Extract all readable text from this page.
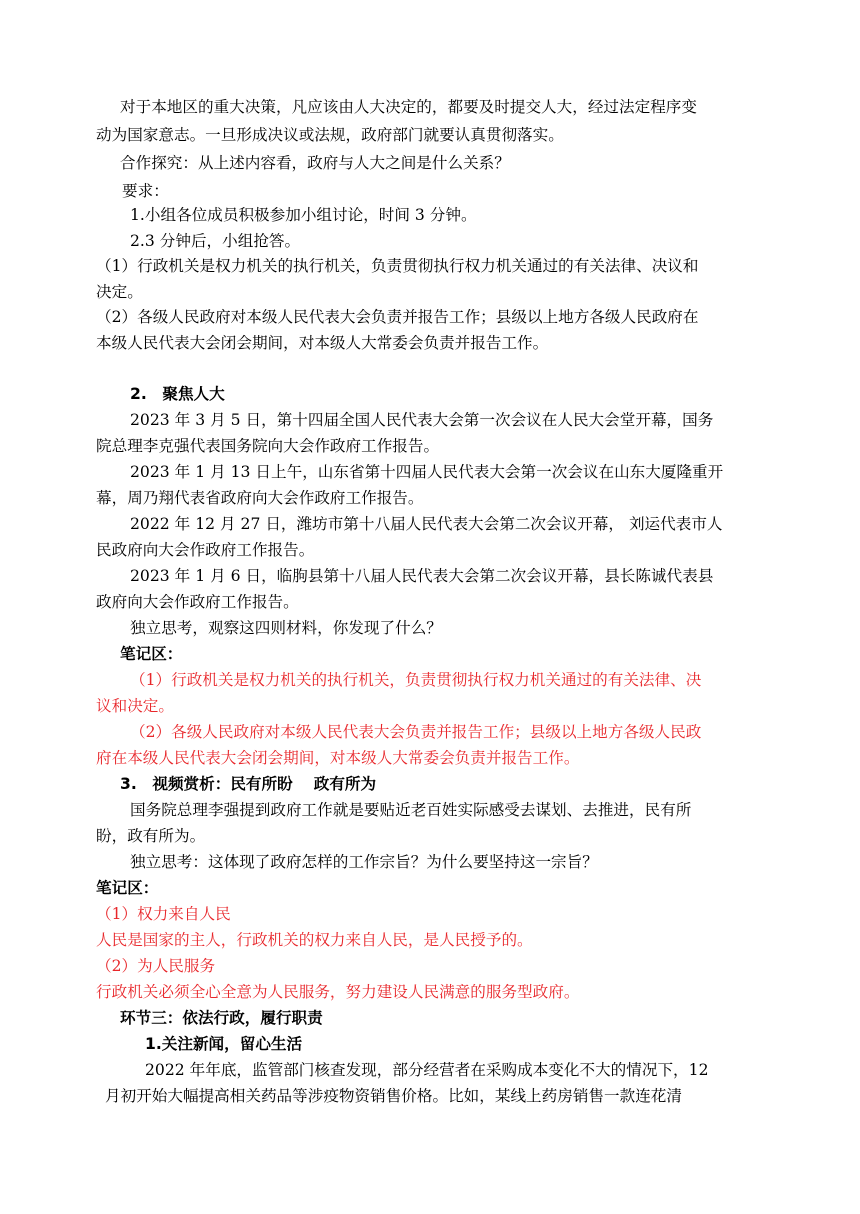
对于本地区的重大决策，凡应该由人大决定的，都要及时提交人大，经过法定程序变
动为国家意志。一旦形成决议或法规，政府部门就要认真贯彻落实。
合作探究：从上述内容看，政府与人大之间是什么关系？
要求：
1.小组各位成员积极参加小组讨论，时间 3 分钟。
2.3 分钟后，小组抢答。
（1）行政机关是权力机关的执行机关，负责贯彻执行权力机关通过的有关法律、决议和
决定。
（2）各级人民政府对本级人民代表大会负责并报告工作；县级以上地方各级人民政府在
本级人民代表大会闭会期间，对本级人大常委会负责并报告工作。
2.　聚焦人大
2023 年 3 月 5 日，第十四届全国人民代表大会第一次会议在人民大会堂开幕，国务
院总理李克强代表国务院向大会作政府工作报告。
2023 年 1 月 13 日上午，山东省第十四届人民代表大会第一次会议在山东大厦隆重开
幕，周乃翔代表省政府向大会作政府工作报告。
2022 年 12 月 27 日，潍坊市第十八届人民代表大会第二次会议开幕， 刘运代表市人
民政府向大会作政府工作报告。
2023 年 1 月 6 日，临朐县第十八届人民代表大会第二次会议开幕，县长陈诚代表县
政府向大会作政府工作报告。
独立思考，观察这四则材料，你发现了什么？
笔记区：
（1）行政机关是权力机关的执行机关，负责贯彻执行权力机关通过的有关法律、决
议和决定。
（2）各级人民政府对本级人民代表大会负责并报告工作；县级以上地方各级人民政
府在本级人民代表大会闭会期间，对本级人大常委会负责并报告工作。
3.　视频赏析：民有所盼　 政有所为
国务院总理李强提到政府工作就是要贴近老百姓实际感受去谋划、去推进，民有所
盼，政有所为。
独立思考：这体现了政府怎样的工作宗旨？为什么要坚持这一宗旨？
笔记区：
（1）权力来自人民
人民是国家的主人，行政机关的权力来自人民，是人民授予的。
（2）为人民服务
行政机关必须全心全意为人民服务，努力建设人民满意的服务型政府。
环节三：依法行政，履行职责
1.关注新闻，留心生活
2022 年年底，监管部门核查发现，部分经营者在采购成本变化不大的情况下，12
月初开始大幅提高相关药品等涉疫物资销售价格。比如，某线上药房销售一款连花清
